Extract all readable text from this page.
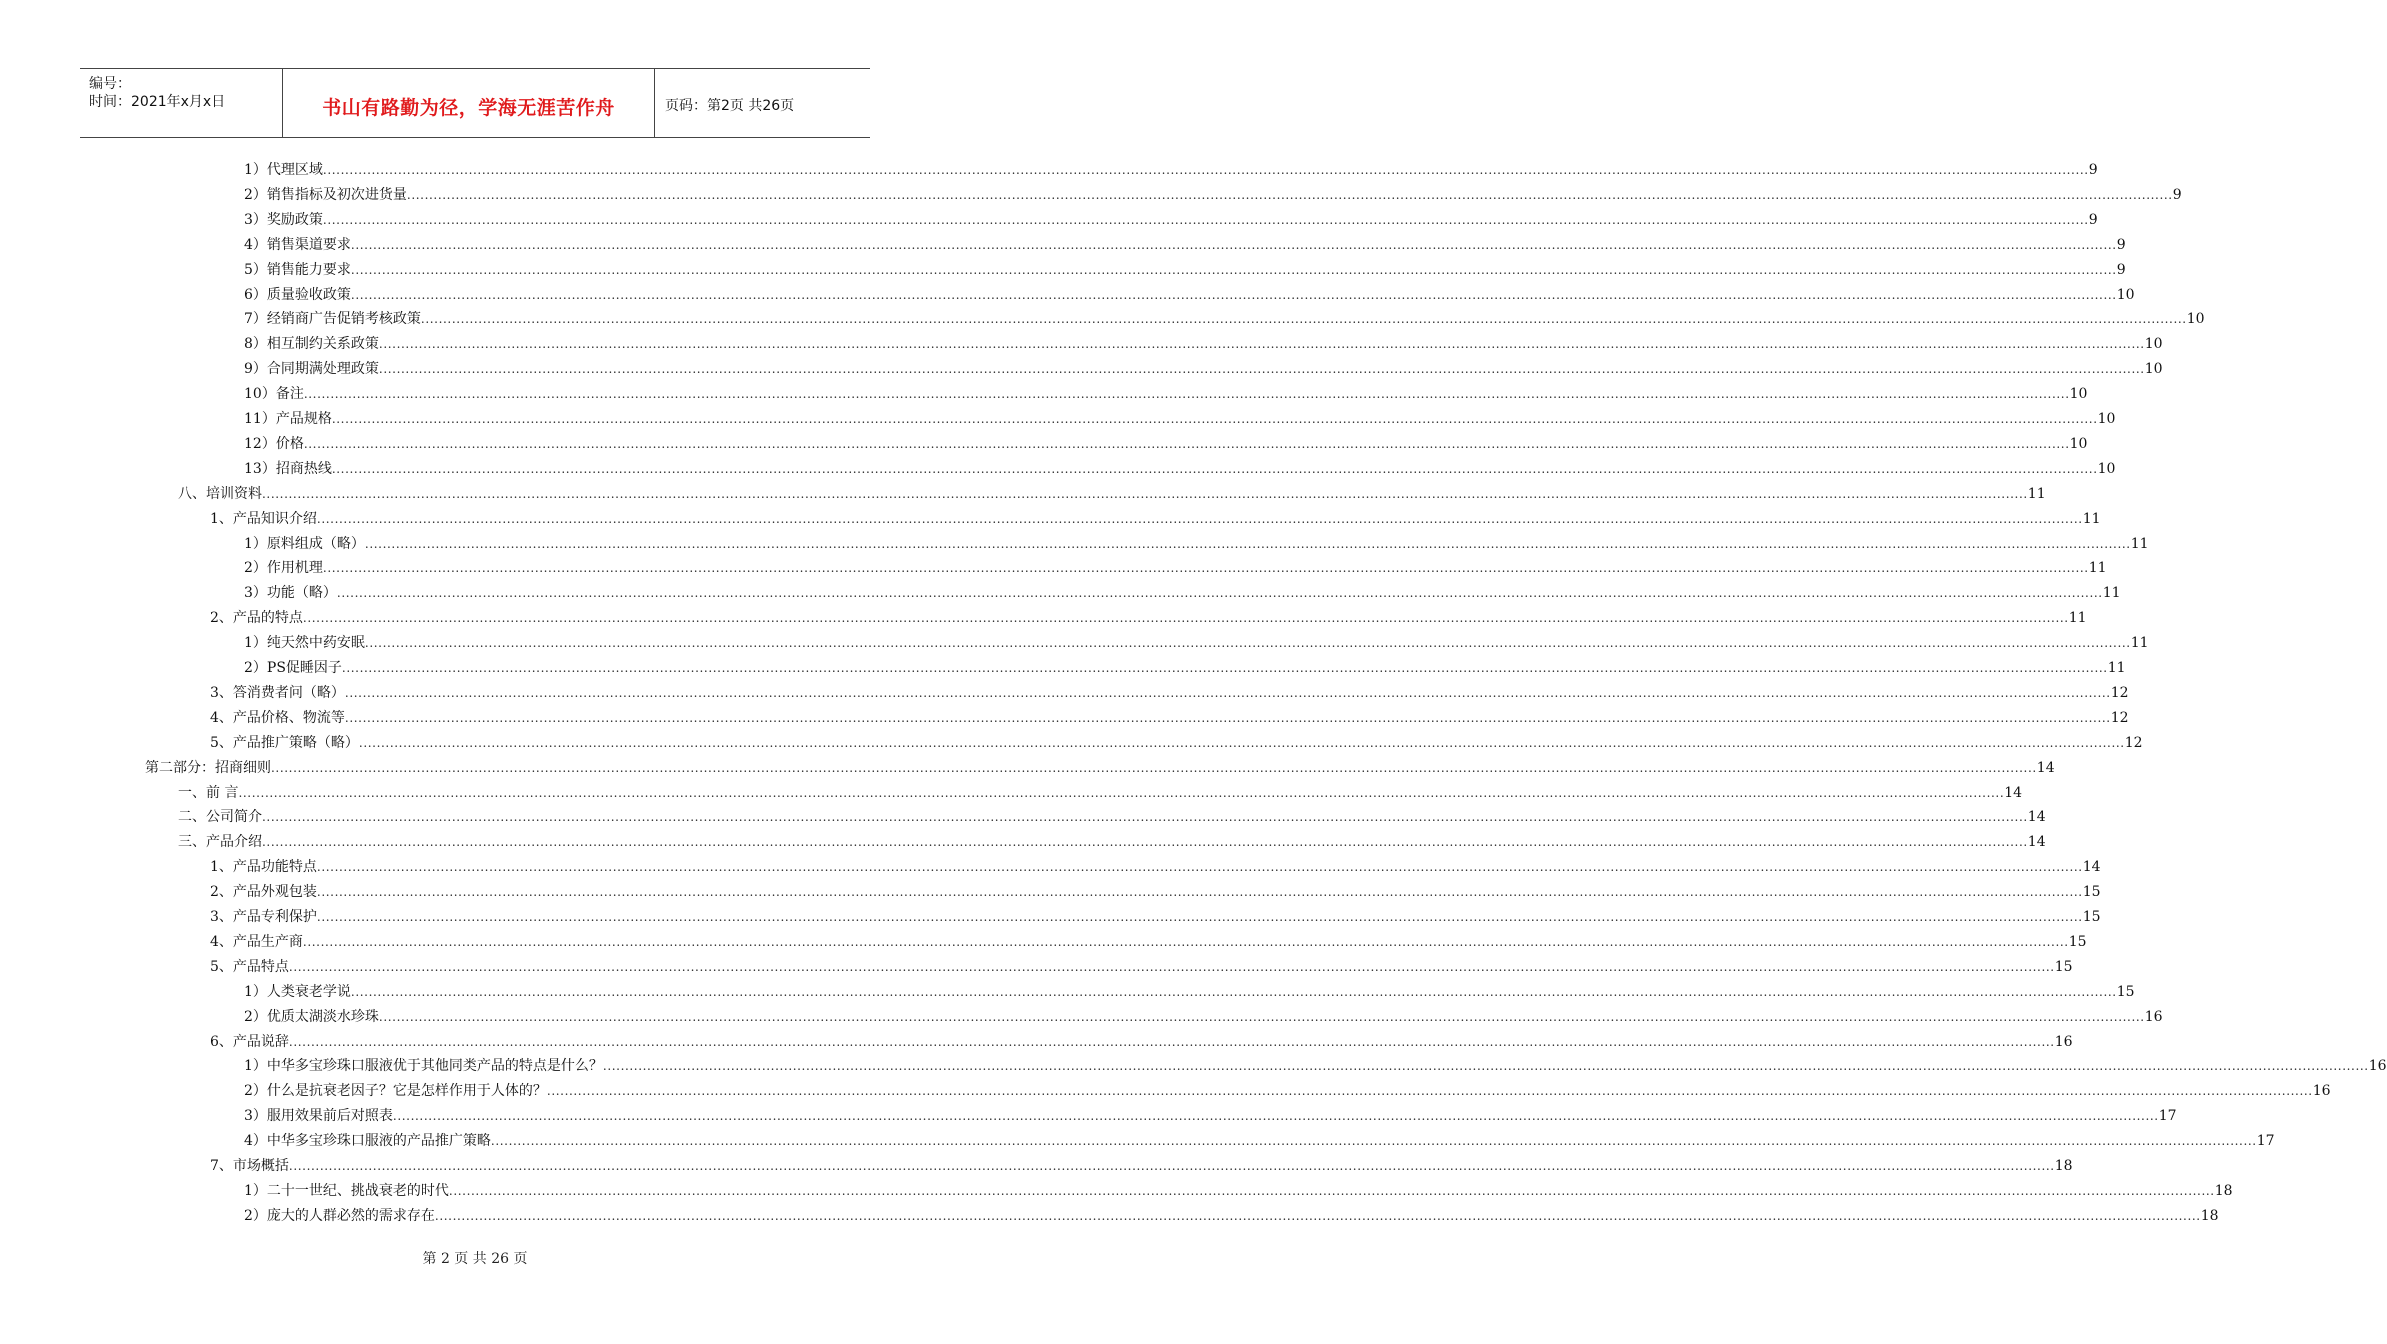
编号：
时间：2021年x月x日	书山有路勤为径，学海无涯苦作舟	页码：第2页 共26页
1）代理区域 ................................................................................................................................................................................................................................................................................................................................................................................................................ 9
2）销售指标及初次进货量 ................................................................................................................................................................................................................................................................................................................................................................................................................ 9
3）奖励政策 ................................................................................................................................................................................................................................................................................................................................................................................................................ 9
4）销售渠道要求 ................................................................................................................................................................................................................................................................................................................................................................................................................ 9
5）销售能力要求 ................................................................................................................................................................................................................................................................................................................................................................................................................ 9
6）质量验收政策 ................................................................................................................................................................................................................................................................................................................................................................................................................ 10
7）经销商广告促销考核政策 ................................................................................................................................................................................................................................................................................................................................................................................................................ 10
8）相互制约关系政策 ................................................................................................................................................................................................................................................................................................................................................................................................................ 10
9）合同期满处理政策 ................................................................................................................................................................................................................................................................................................................................................................................................................ 10
10）备注 ................................................................................................................................................................................................................................................................................................................................................................................................................ 10
11）产品规格 ................................................................................................................................................................................................................................................................................................................................................................................................................ 10
12）价格 ................................................................................................................................................................................................................................................................................................................................................................................................................ 10
13）招商热线 ................................................................................................................................................................................................................................................................................................................................................................................................................ 10
八、培训资料 ................................................................................................................................................................................................................................................................................................................................................................................................................ 11
1、产品知识介绍 ................................................................................................................................................................................................................................................................................................................................................................................................................ 11
1）原料组成（略） ................................................................................................................................................................................................................................................................................................................................................................................................................ 11
2）作用机理 ................................................................................................................................................................................................................................................................................................................................................................................................................ 11
3）功能（略） ................................................................................................................................................................................................................................................................................................................................................................................................................ 11
2、产品的特点 ................................................................................................................................................................................................................................................................................................................................................................................................................ 11
1）纯天然中药安眠 ................................................................................................................................................................................................................................................................................................................................................................................................................ 11
2）PS促睡因子 ................................................................................................................................................................................................................................................................................................................................................................................................................ 11
3、答消费者问（略） ................................................................................................................................................................................................................................................................................................................................................................................................................ 12
4、产品价格、物流等 ................................................................................................................................................................................................................................................................................................................................................................................................................ 12
5、产品推广策略（略） ................................................................................................................................................................................................................................................................................................................................................................................................................ 12
第二部分：招商细则 ................................................................................................................................................................................................................................................................................................................................................................................................................ 14
一、前 言 ................................................................................................................................................................................................................................................................................................................................................................................................................ 14
二、公司简介 ................................................................................................................................................................................................................................................................................................................................................................................................................ 14
三、产品介绍 ................................................................................................................................................................................................................................................................................................................................................................................................................ 14
1、产品功能特点 ................................................................................................................................................................................................................................................................................................................................................................................................................ 14
2、产品外观包装 ................................................................................................................................................................................................................................................................................................................................................................................................................ 15
3、产品专利保护 ................................................................................................................................................................................................................................................................................................................................................................................................................ 15
4、产品生产商 ................................................................................................................................................................................................................................................................................................................................................................................................................ 15
5、产品特点 ................................................................................................................................................................................................................................................................................................................................................................................................................ 15
1）人类衰老学说 ................................................................................................................................................................................................................................................................................................................................................................................................................ 15
2）优质太湖淡水珍珠 ................................................................................................................................................................................................................................................................................................................................................................................................................ 16
6、产品说辞 ................................................................................................................................................................................................................................................................................................................................................................................................................ 16
1）中华多宝珍珠口服液优于其他同类产品的特点是什么？ ................................................................................................................................................................................................................................................................................................................................................................................................................ 16
2）什么是抗衰老因子？它是怎样作用于人体的？ ................................................................................................................................................................................................................................................................................................................................................................................................................ 16
3）服用效果前后对照表 ................................................................................................................................................................................................................................................................................................................................................................................................................ 17
4）中华多宝珍珠口服液的产品推广策略 ................................................................................................................................................................................................................................................................................................................................................................................................................ 17
7、市场概括 ................................................................................................................................................................................................................................................................................................................................................................................................................ 18
1）二十一世纪、挑战衰老的时代 ................................................................................................................................................................................................................................................................................................................................................................................................................ 18
2）庞大的人群必然的需求存在 ................................................................................................................................................................................................................................................................................................................................................................................................................ 18
第 2 页 共 26 页
